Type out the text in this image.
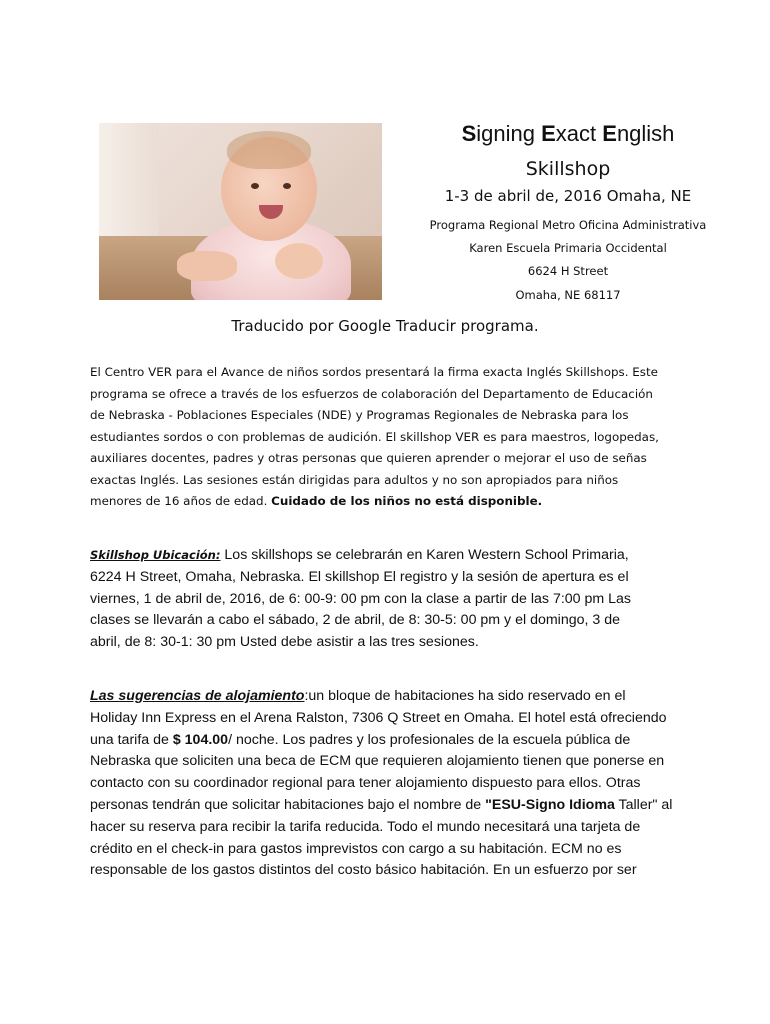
Signing Exact English
Skillshop
1-3 de abril de, 2016 Omaha, NE
Programa Regional Metro Oficina Administrativa
Karen Escuela Primaria Occidental
6624 H Street
Omaha, NE 68117
Traducido por Google Traducir programa.
El Centro VER para el Avance de niños sordos presentará la firma exacta Inglés Skillshops. Este
programa se ofrece a través de los esfuerzos de colaboración del Departamento de Educación
de Nebraska - Poblaciones Especiales (NDE) y Programas Regionales de Nebraska para los
estudiantes sordos o con problemas de audición. El skillshop VER es para maestros, logopedas,
auxiliares docentes, padres y otras personas que quieren aprender o mejorar el uso de señas
exactas Inglés. Las sesiones están dirigidas para adultos y no son apropiados para niños
menores de 16 años de edad. Cuidado de los niños no está disponible.
Skillshop Ubicación: Los skillshops se celebrarán en Karen Western School Primaria,
6224 H Street, Omaha, Nebraska. El skillshop El registro y la sesión de apertura es el
viernes, 1 de abril de, 2016, de 6: 00-9: 00 pm con la clase a partir de las 7:00 pm Las
clases se llevarán a cabo el sábado, 2 de abril, de 8: 30-5: 00 pm y el domingo, 3 de
abril, de 8: 30-1: 30 pm Usted debe asistir a las tres sesiones.
Las sugerencias de alojamiento:un bloque de habitaciones ha sido reservado en el
Holiday Inn Express en el Arena Ralston, 7306 Q Street en Omaha. El hotel está ofreciendo
una tarifa de $ 104.00/ noche. Los padres y los profesionales de la escuela pública de
Nebraska que soliciten una beca de ECM que requieren alojamiento tienen que ponerse en
contacto con su coordinador regional para tener alojamiento dispuesto para ellos. Otras
personas tendrán que solicitar habitaciones bajo el nombre de "ESU-Signo Idioma Taller" al
hacer su reserva para recibir la tarifa reducida. Todo el mundo necesitará una tarjeta de
crédito en el check-in para gastos imprevistos con cargo a su habitación. ECM no es
responsable de los gastos distintos del costo básico habitación. En un esfuerzo por ser
